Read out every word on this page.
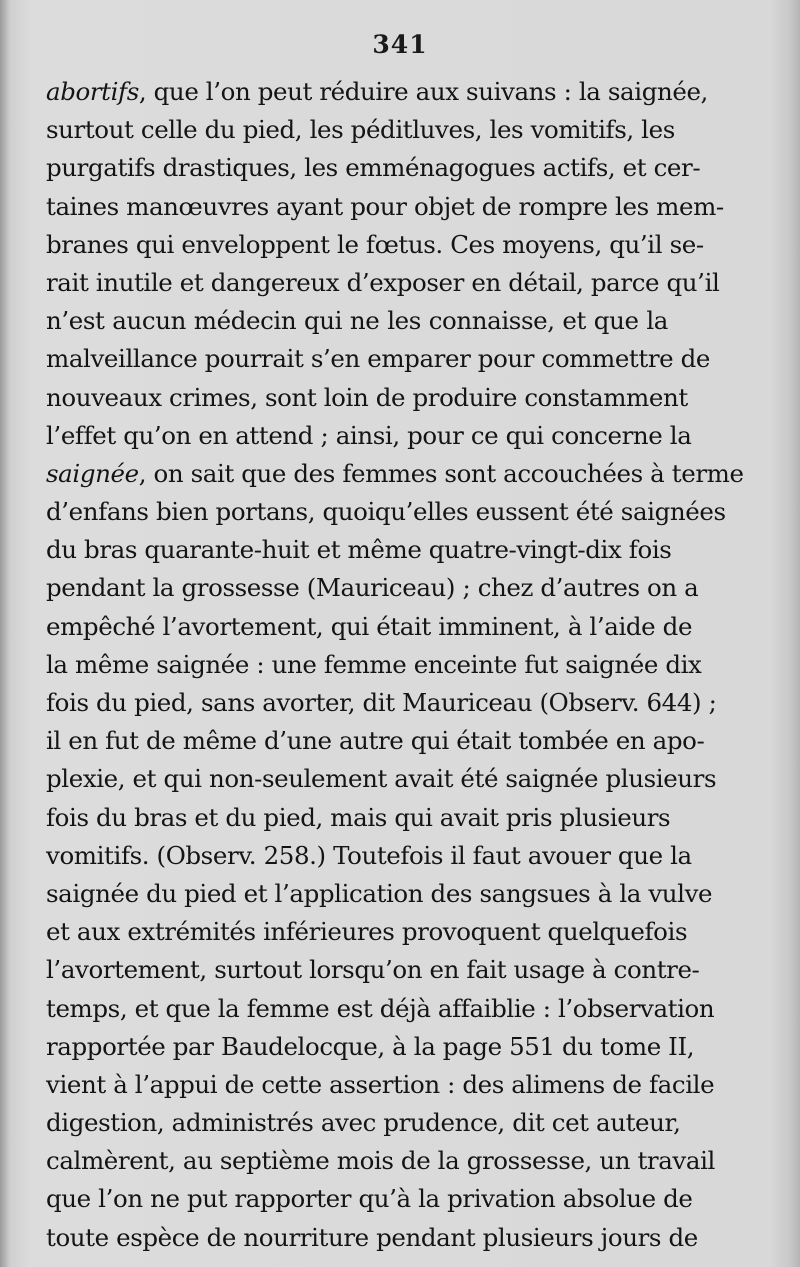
341
abortifs, que l’on peut réduire aux suivans : la saignée,
surtout celle du pied, les péditluves, les vomitifs, les
purgatifs drastiques, les emménagogues actifs, et cer-
taines manœuvres ayant pour objet de rompre les mem-
branes qui enveloppent le fœtus. Ces moyens, qu’il se-
rait inutile et dangereux d’exposer en détail, parce qu’il
n’est aucun médecin qui ne les connaisse, et que la
malveillance pourrait s’en emparer pour commettre de
nouveaux crimes, sont loin de produire constamment
l’effet qu’on en attend ; ainsi, pour ce qui concerne la
saignée, on sait que des femmes sont accouchées à terme
d’enfans bien portans, quoiqu’elles eussent été saignées
du bras quarante-huit et même quatre-vingt-dix fois
pendant la grossesse (Mauriceau) ; chez d’autres on a
empêché l’avortement, qui était imminent, à l’aide de
la même saignée : une femme enceinte fut saignée dix
fois du pied, sans avorter, dit Mauriceau (Observ. 644) ;
il en fut de même d’une autre qui était tombée en apo-
plexie, et qui non-seulement avait été saignée plusieurs
fois du bras et du pied, mais qui avait pris plusieurs
vomitifs. (Observ. 258.) Toutefois il faut avouer que la
saignée du pied et l’application des sangsues à la vulve
et aux extrémités inférieures provoquent quelquefois
l’avortement, surtout lorsqu’on en fait usage à contre-
temps, et que la femme est déjà affaiblie : l’observation
rapportée par Baudelocque, à la page 551 du tome II,
vient à l’appui de cette assertion : des alimens de facile
digestion, administrés avec prudence, dit cet auteur,
calmèrent, au septième mois de la grossesse, un travail
que l’on ne put rapporter qu’à la privation absolue de
toute espèce de nourriture pendant plusieurs jours de
